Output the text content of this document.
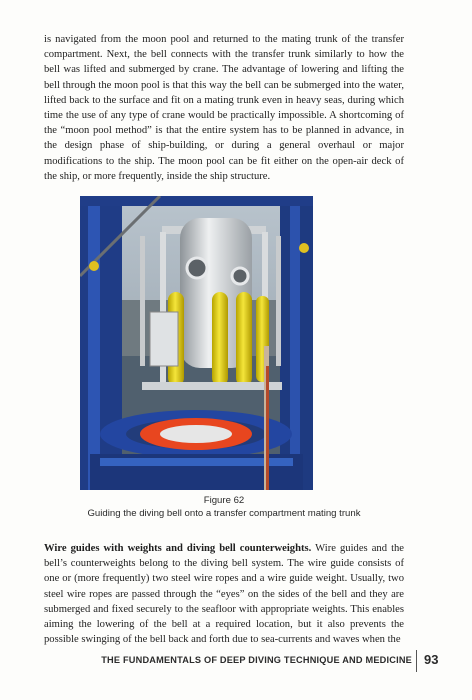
is navigated from the moon pool and returned to the mating trunk of the transfer compartment. Next, the bell connects with the transfer trunk similarly to how the bell was lifted and submerged by crane. The advantage of lowering and lifting the bell through the moon pool is that this way the bell can be submerged into the water, lifted back to the surface and fit on a mating trunk even in heavy seas, during which time the use of any type of crane would be practically impossible. A shortcoming of the “moon pool method” is that the entire system has to be planned in advance, in the design phase of ship-building, or during a general overhaul or major modifications to the ship. The moon pool can be fit either on the open-air deck of the ship, or more frequently, inside the ship structure.

Figure 62
Guiding the diving bell onto a transfer compartment mating trunk

Wire guides with weights and diving bell counterweights. Wire guides and the bell’s counterweights belong to the diving bell system. The wire guide consists of one or (more frequently) two steel wire ropes and a wire guide weight. Usually, two steel wire ropes are passed through the “eyes” on the sides of the bell and they are submerged and fixed securely to the seafloor with appropriate weights. This enables aiming the lowering of the bell at a required location, but it also prevents the possible swinging of the bell back and forth due to sea-currents and waves when the

THE FUNDAMENTALS OF DEEP DIVING TECHNIQUE AND MEDICINE 93
